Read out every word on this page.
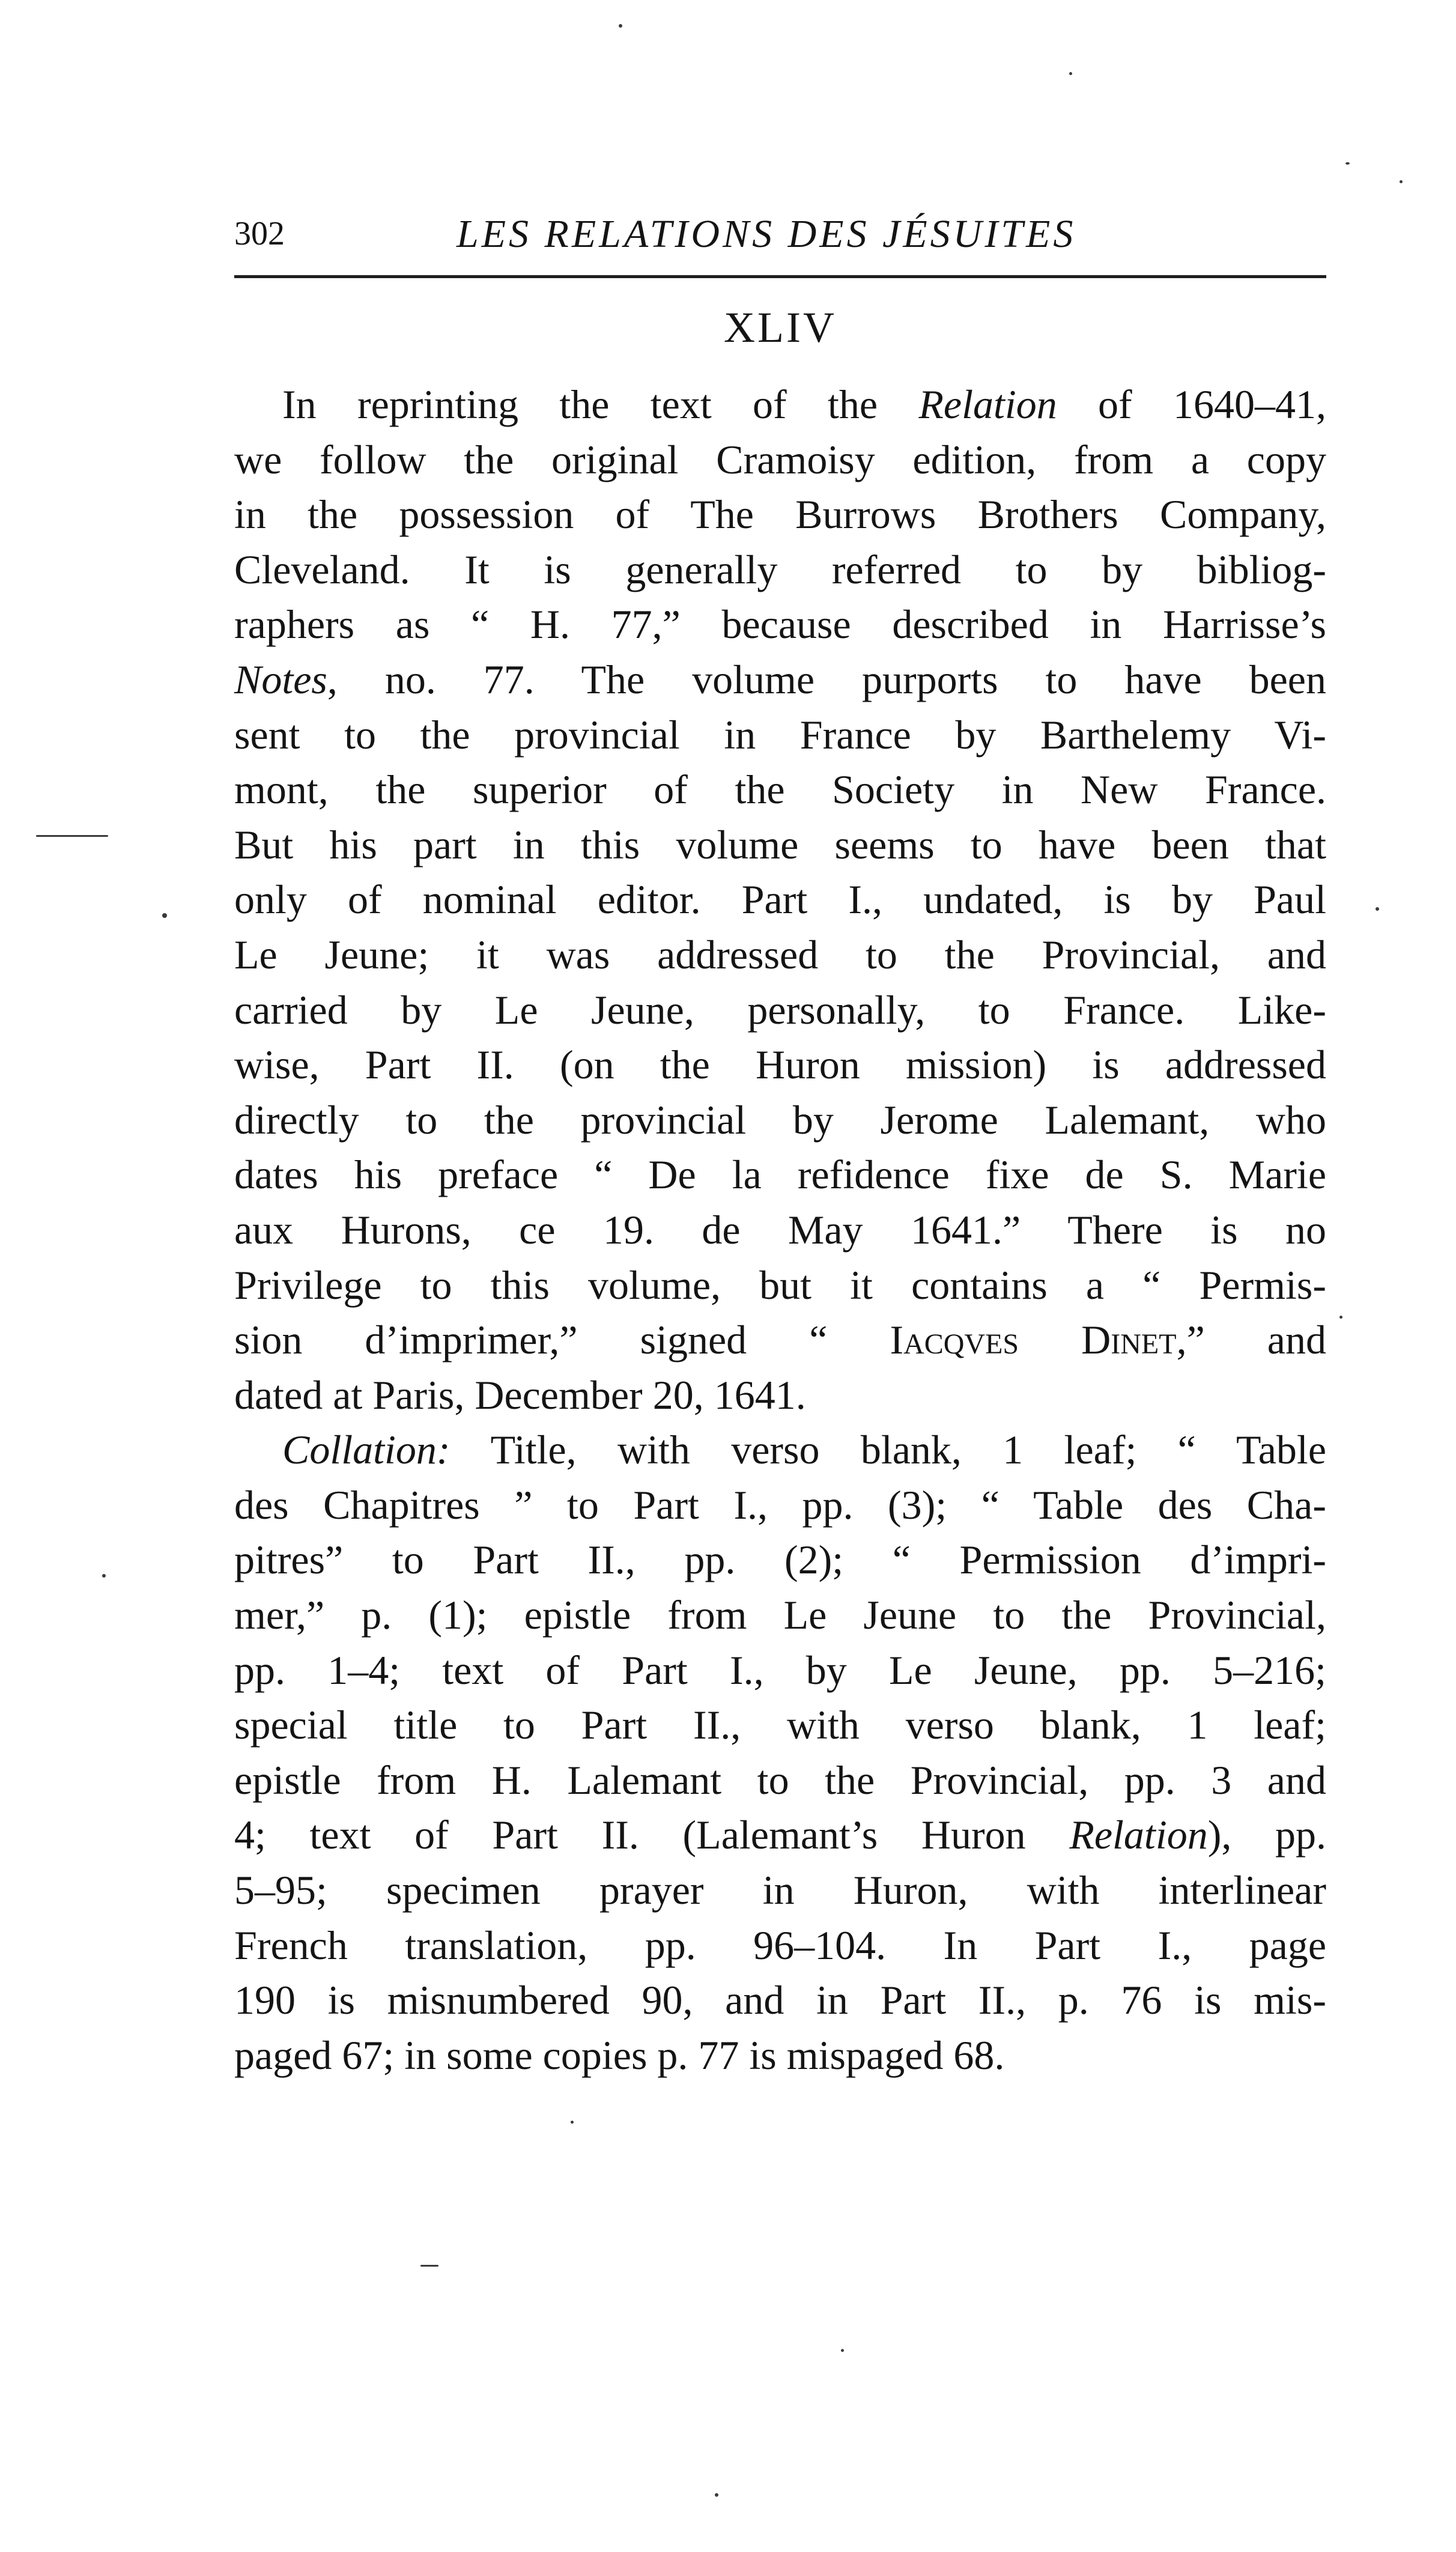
302	LES RELATIONS DES JÉSUITES
XLIV
In reprinting the text of the Relation of 1640–41,
we follow the original Cramoisy edition, from a copy
in the possession of The Burrows Brothers Company,
Cleveland. It is generally referred to by bibliog-
raphers as “ H. 77,” because described in Harrisse’s
Notes, no. 77. The volume purports to have been
sent to the provincial in France by Barthelemy Vi-
mont, the superior of the Society in New France.
But his part in this volume seems to have been that
only of nominal editor. Part I., undated, is by Paul
Le Jeune; it was addressed to the Provincial, and
carried by Le Jeune, personally, to France. Like-
wise, Part II. (on the Huron mission) is addressed
directly to the provincial by Jerome Lalemant, who
dates his preface “ De la refidence fixe de S. Marie
aux Hurons, ce 19. de May 1641.” There is no
Privilege to this volume, but it contains a “ Permis-
sion d’imprimer,” signed “ Iacqves Dinet,” and
dated at Paris, December 20, 1641.
Collation: Title, with verso blank, 1 leaf; “ Table
des Chapitres ” to Part I., pp. (3); “ Table des Cha-
pitres” to Part II., pp. (2); “ Permission d’impri-
mer,” p. (1); epistle from Le Jeune to the Provincial,
pp. 1–4; text of Part I., by Le Jeune, pp. 5–216;
special title to Part II., with verso blank, 1 leaf;
epistle from H. Lalemant to the Provincial, pp. 3 and
4; text of Part II. (Lalemant’s Huron Relation), pp.
5–95; specimen prayer in Huron, with interlinear
French translation, pp. 96–104. In Part I., page
190 is misnumbered 90, and in Part II., p. 76 is mis-
paged 67; in some copies p. 77 is mispaged 68.
